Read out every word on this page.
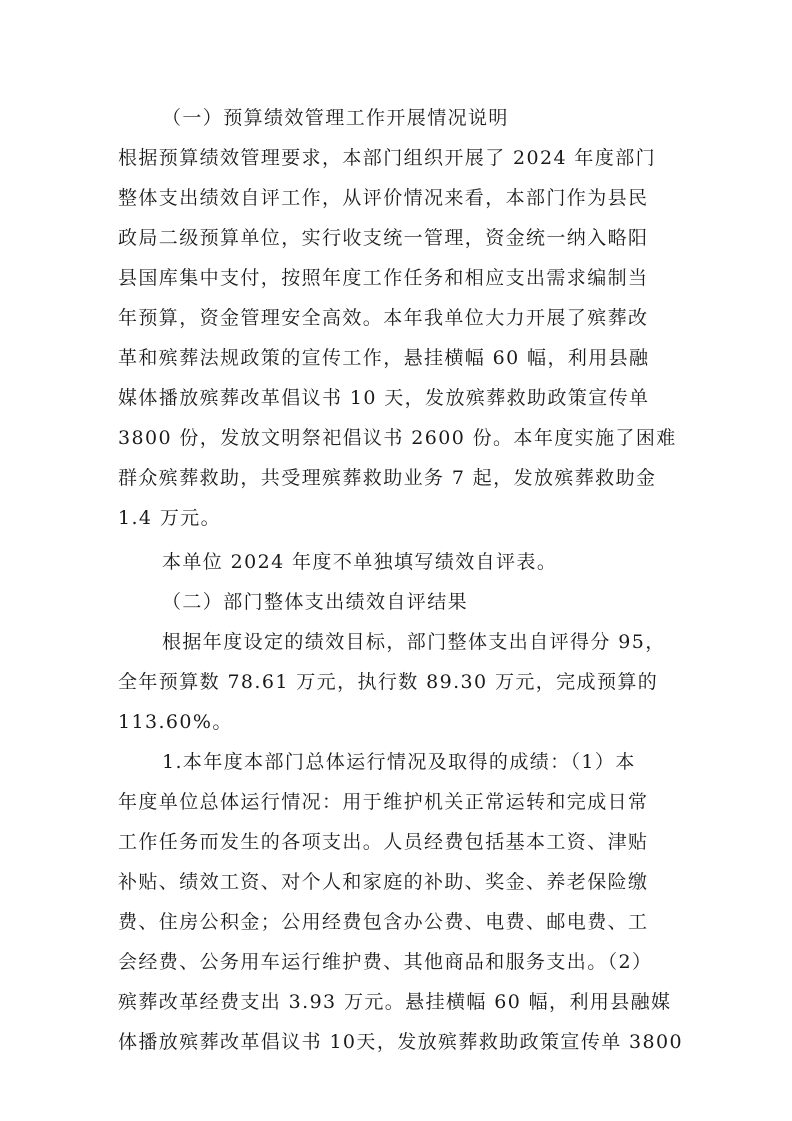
（一）预算绩效管理工作开展情况说明
根据预算绩效管理要求，本部门组织开展了 2024 年度部门
整体支出绩效自评工作，从评价情况来看，本部门作为县民
政局二级预算单位，实行收支统一管理，资金统一纳入略阳
县国库集中支付，按照年度工作任务和相应支出需求编制当
年预算，资金管理安全高效。本年我单位大力开展了殡葬改
革和殡葬法规政策的宣传工作，悬挂横幅 60 幅，利用县融
媒体播放殡葬改革倡议书 10 天，发放殡葬救助政策宣传单
3800 份，发放文明祭祀倡议书 2600 份。本年度实施了困难
群众殡葬救助，共受理殡葬救助业务 7 起，发放殡葬救助金
1.4 万元。
本单位 2024 年度不单独填写绩效自评表。
（二）部门整体支出绩效自评结果
根据年度设定的绩效目标，部门整体支出自评得分 95，
全年预算数 78.61 万元，执行数 89.30 万元，完成预算的
113.60%。
1.本年度本部门总体运行情况及取得的成绩：（1）本
年度单位总体运行情况：用于维护机关正常运转和完成日常
工作任务而发生的各项支出。人员经费包括基本工资、津贴
补贴、绩效工资、对个人和家庭的补助、奖金、养老保险缴
费、住房公积金；公用经费包含办公费、电费、邮电费、工
会经费、公务用车运行维护费、其他商品和服务支出。（2）
殡葬改革经费支出 3.93 万元。悬挂横幅 60 幅，利用县融媒
体播放殡葬改革倡议书 10天，发放殡葬救助政策宣传单 3800
